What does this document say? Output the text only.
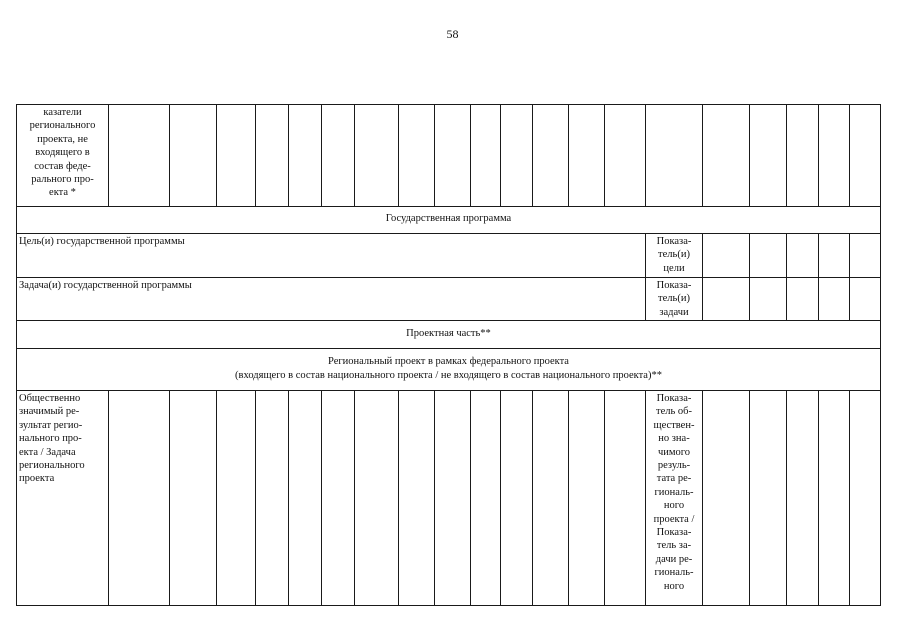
58
казатели
регионального
проекта, не
входящего в
состав феде-
рального про-
екта *
Государственная программа
Цель(и) государственной программы	Показа-
тель(и)
цели
Задача(и) государственной программы	Показа-
тель(и)
задачи
Проектная часть**
Региональный проект в рамках федерального проекта
(входящего в состав национального проекта / не входящего в состав национального проекта)**
Общественно
значимый ре-
зультат регио-
нального про-
екта / Задача
регионального
проекта
Показа-
тель об-
ществен-
но зна-
чимого
резуль-
тата ре-
гиональ-
ного
проекта /
Показа-
тель за-
дачи ре-
гиональ-
ного
